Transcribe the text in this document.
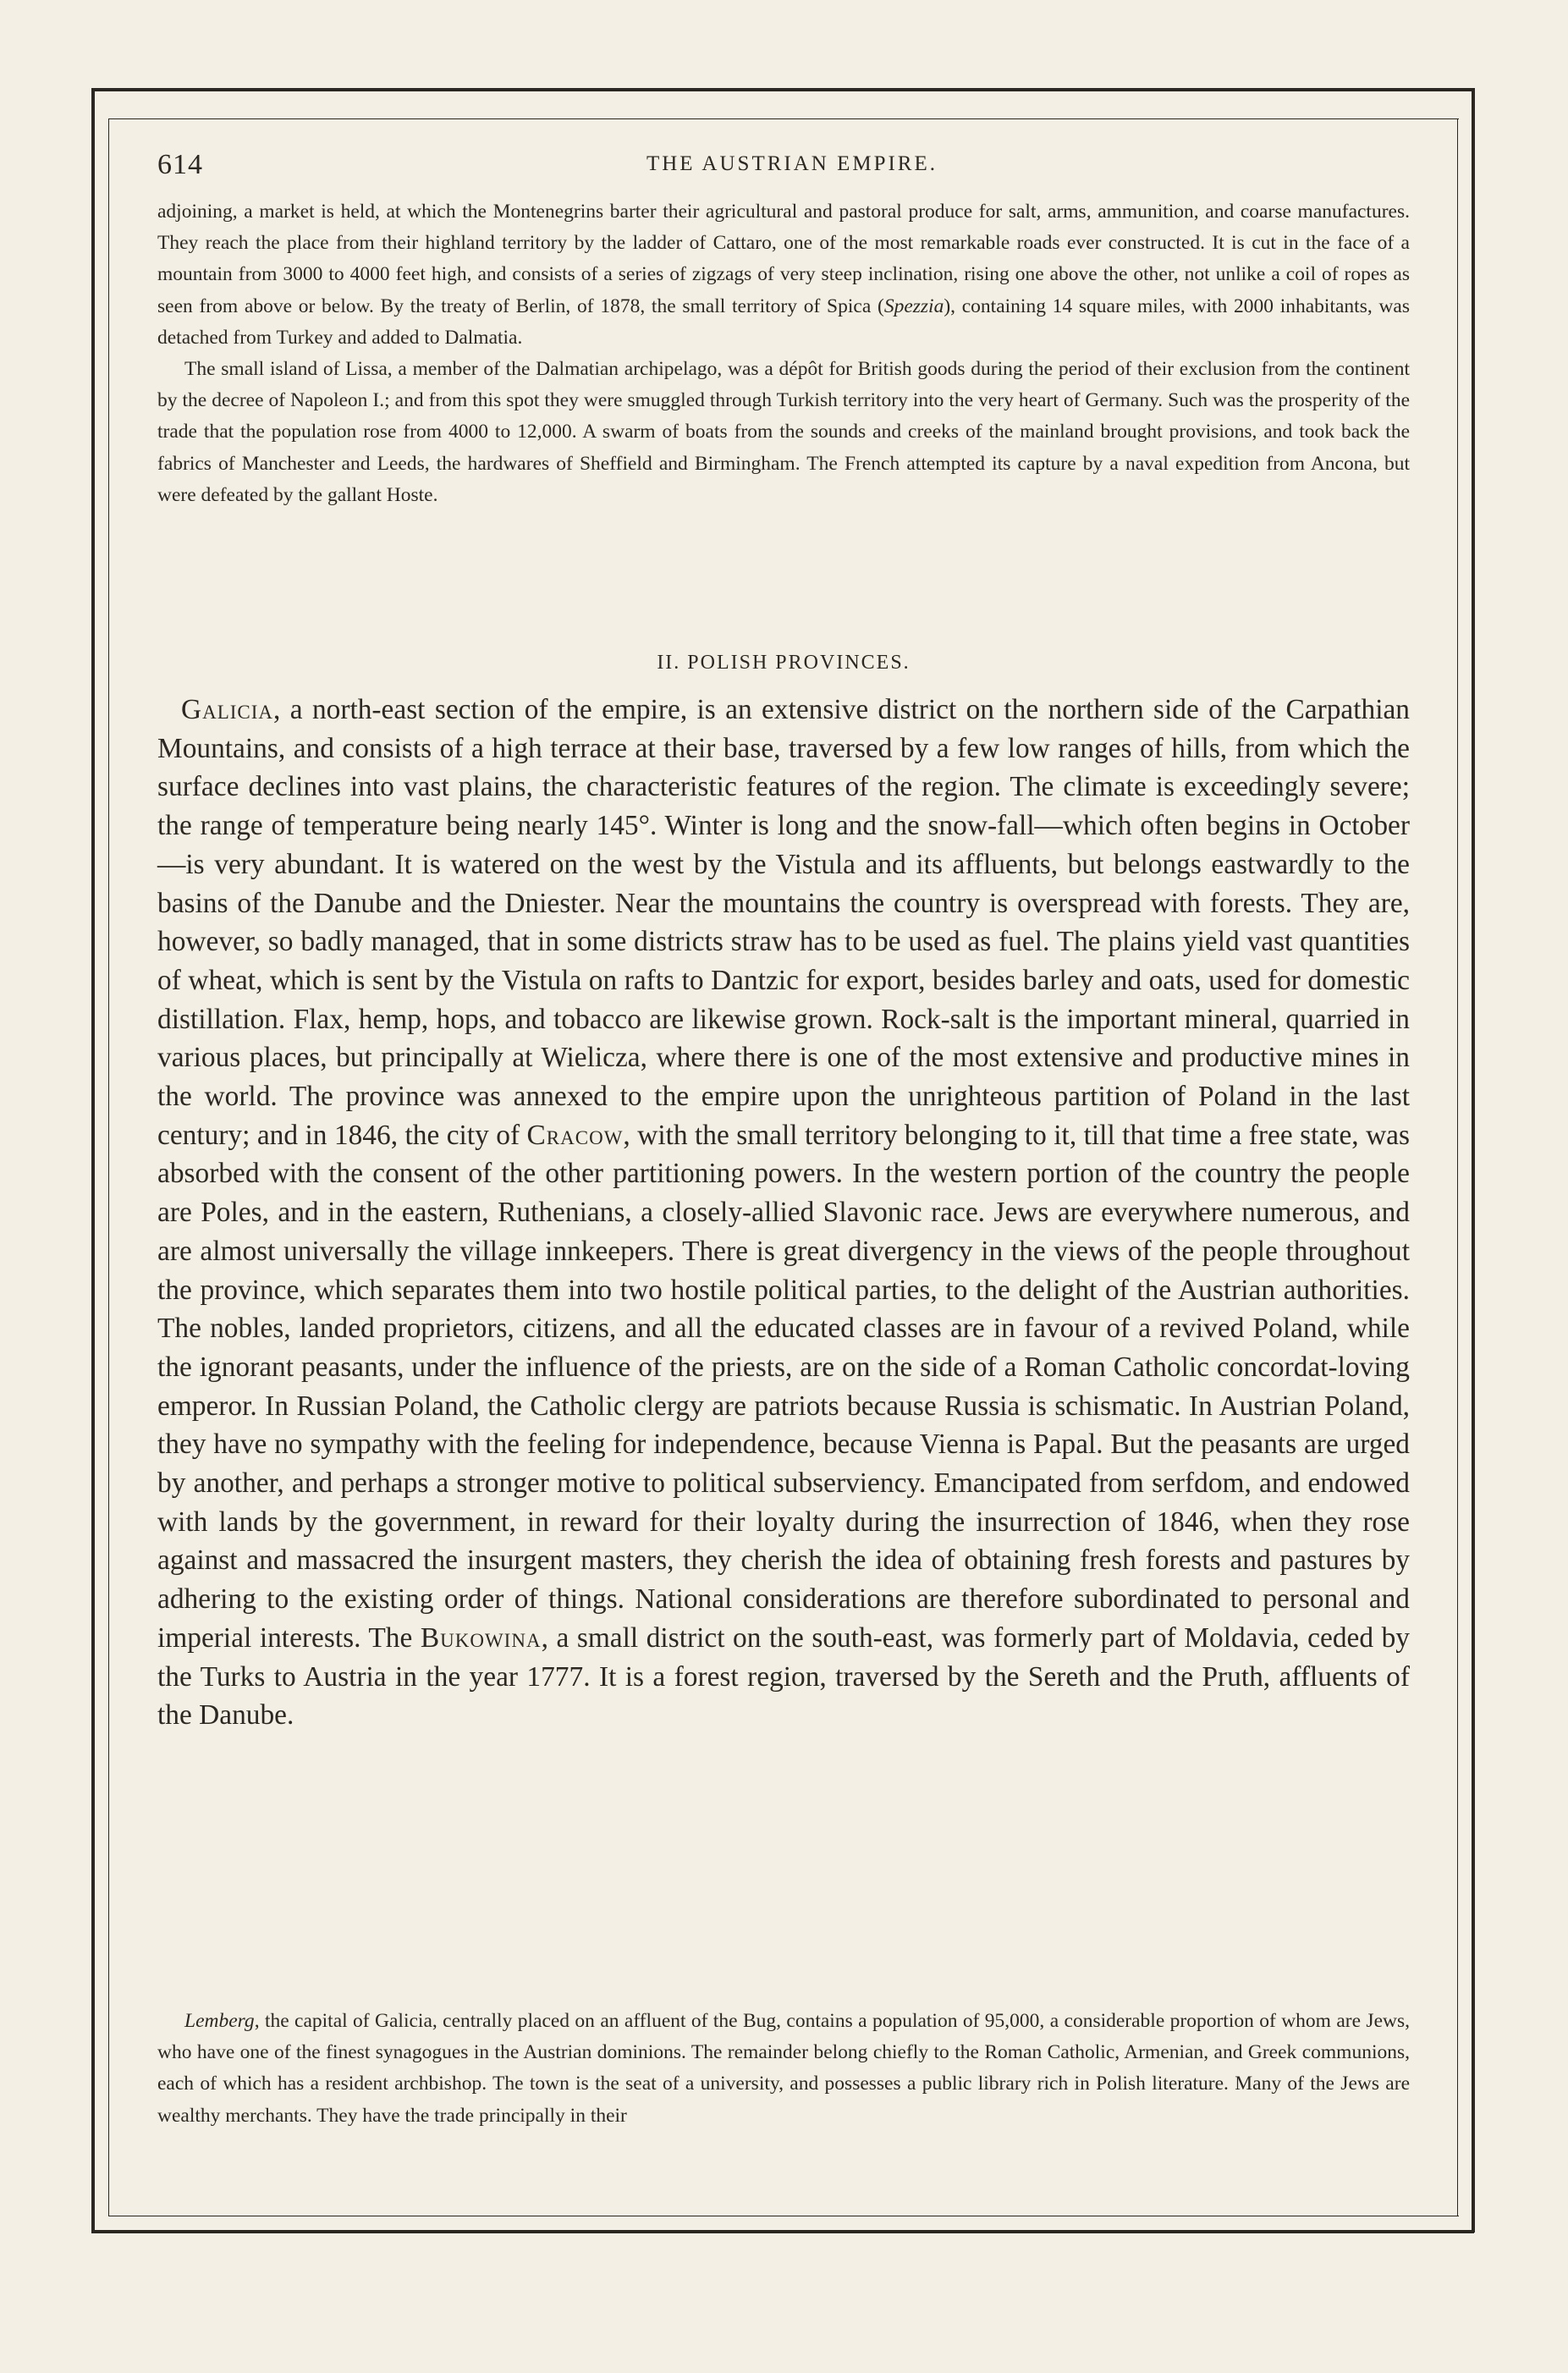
614	THE AUSTRIAN EMPIRE.

adjoining, a market is held, at which the Montenegrins barter their agricultural and pastoral produce for salt, arms, ammunition, and coarse manufactures. They reach the place from their highland territory by the ladder of Cattaro, one of the most remarkable roads ever constructed. It is cut in the face of a mountain from 3000 to 4000 feet high, and consists of a series of zigzags of very steep inclination, rising one above the other, not unlike a coil of ropes as seen from above or below. By the treaty of Berlin, of 1878, the small territory of Spica (Spezzia), containing 14 square miles, with 2000 inhabitants, was detached from Turkey and added to Dalmatia.

The small island of Lissa, a member of the Dalmatian archipelago, was a dépôt for British goods during the period of their exclusion from the continent by the decree of Napoleon I.; and from this spot they were smuggled through Turkish territory into the very heart of Germany. Such was the prosperity of the trade that the population rose from 4000 to 12,000. A swarm of boats from the sounds and creeks of the mainland brought provisions, and took back the fabrics of Manchester and Leeds, the hardwares of Sheffield and Birmingham. The French attempted its capture by a naval expedition from Ancona, but were defeated by the gallant Hoste.

II. POLISH PROVINCES.

Galicia, a north-east section of the empire, is an extensive district on the northern side of the Carpathian Mountains, and consists of a high terrace at their base, traversed by a few low ranges of hills, from which the surface declines into vast plains, the characteristic features of the region. The climate is exceedingly severe; the range of temperature being nearly 145°. Winter is long and the snow-fall—which often begins in October—is very abundant. It is watered on the west by the Vistula and its affluents, but belongs eastwardly to the basins of the Danube and the Dniester. Near the mountains the country is overspread with forests. They are, however, so badly managed, that in some districts straw has to be used as fuel. The plains yield vast quantities of wheat, which is sent by the Vistula on rafts to Dantzic for export, besides barley and oats, used for domestic distillation. Flax, hemp, hops, and tobacco are likewise grown. Rock-salt is the important mineral, quarried in various places, but principally at Wielicza, where there is one of the most extensive and productive mines in the world. The province was annexed to the empire upon the unrighteous partition of Poland in the last century; and in 1846, the city of Cracow, with the small territory belonging to it, till that time a free state, was absorbed with the consent of the other partitioning powers. In the western portion of the country the people are Poles, and in the eastern, Ruthenians, a closely-allied Slavonic race. Jews are everywhere numerous, and are almost universally the village innkeepers. There is great divergency in the views of the people throughout the province, which separates them into two hostile political parties, to the delight of the Austrian authorities. The nobles, landed proprietors, citizens, and all the educated classes are in favour of a revived Poland, while the ignorant peasants, under the influence of the priests, are on the side of a Roman Catholic concordat-loving emperor. In Russian Poland, the Catholic clergy are patriots because Russia is schismatic. In Austrian Poland, they have no sympathy with the feeling for independence, because Vienna is Papal. But the peasants are urged by another, and perhaps a stronger motive to political subserviency. Emancipated from serfdom, and endowed with lands by the government, in reward for their loyalty during the insurrection of 1846, when they rose against and massacred the insurgent masters, they cherish the idea of obtaining fresh forests and pastures by adhering to the existing order of things. National considerations are therefore subordinated to personal and imperial interests. The Bukowina, a small district on the south-east, was formerly part of Moldavia, ceded by the Turks to Austria in the year 1777. It is a forest region, traversed by the Sereth and the Pruth, affluents of the Danube.

Lemberg, the capital of Galicia, centrally placed on an affluent of the Bug, contains a population of 95,000, a considerable proportion of whom are Jews, who have one of the finest synagogues in the Austrian dominions. The remainder belong chiefly to the Roman Catholic, Armenian, and Greek communions, each of which has a resident archbishop. The town is the seat of a university, and possesses a public library rich in Polish literature. Many of the Jews are wealthy merchants. They have the trade principally in their
